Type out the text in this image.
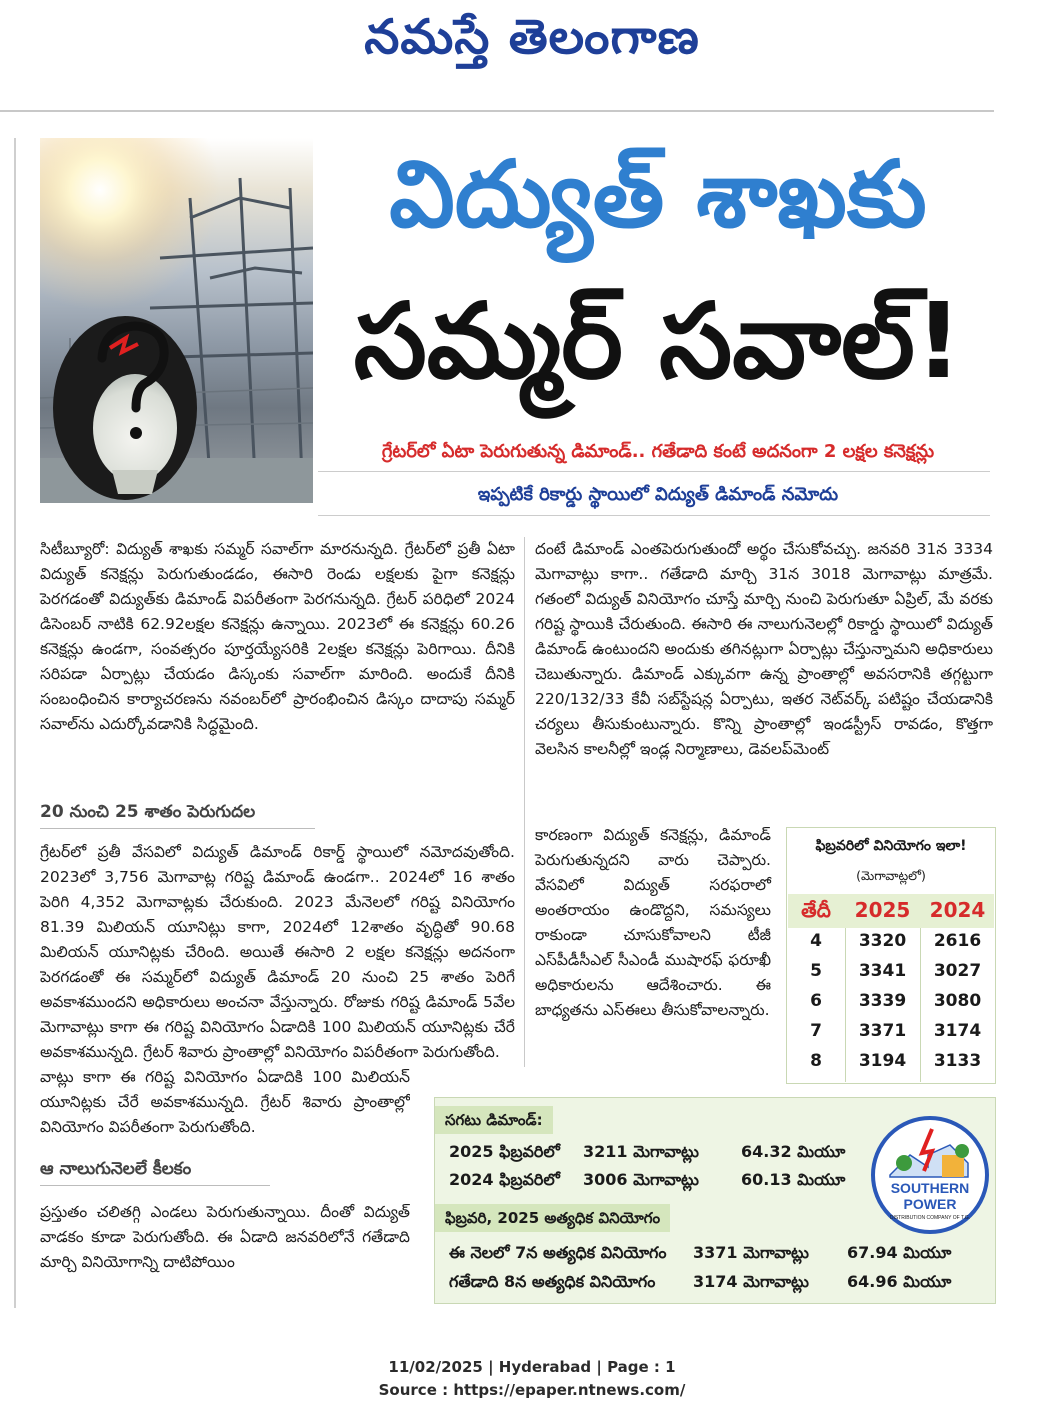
నమస్తే తెలంగాణ
విద్యుత్ శాఖకు
సమ్మర్ సవాల్!
గ్రేటర్‌లో ఏటా పెరుగుతున్న డిమాండ్.. గతేడాది కంటే అదనంగా 2 లక్షల కనెక్షన్లు
ఇప్పటికే రికార్డు స్థాయిలో విద్యుత్ డిమాండ్ నమోదు
సిటీబ్యూరో: విద్యుత్ శాఖకు సమ్మర్ సవాల్‌గా మారనున్నది. గ్రేటర్‌లో ప్రతీ ఏటా విద్యుత్ కనెక్షన్లు పెరుగుతుండడం, ఈసారి రెండు లక్షలకు పైగా కనెక్షన్లు పెరగడంతో విద్యుత్‌కు డిమాండ్ విపరీతంగా పెరగనున్నది. గ్రేటర్ పరిధిలో 2024 డిసెంబర్ నాటికి 62.92లక్షల కనెక్షన్లు ఉన్నాయి. 2023లో ఈ కనెక్షన్లు 60.26 కనెక్షన్లు ఉండగా, సంవత్సరం పూర్తయ్యేసరికి 2లక్షల కనెక్షన్లు పెరిగాయి. దీనికి సరిపడా ఏర్పాట్లు చేయడం డిస్కంకు సవాల్‌గా మారింది. అందుకే దీనికి సంబంధించిన కార్యాచరణను నవంబర్‌లో ప్రారంభించిన డిస్కం దాదాపు సమ్మర్ సవాల్‌ను ఎదుర్కోవడానికి సిద్ధమైంది.
20 నుంచి 25 శాతం పెరుగుదల
గ్రేటర్‌లో ప్రతీ వేసవిలో విద్యుత్ డిమాండ్ రికార్డ్ స్థాయిలో నమోదవుతోంది. 2023లో 3,756 మెగావాట్ల గరిష్ట డిమాండ్ ఉండగా.. 2024లో 16 శాతం పెరిగి 4,352 మెగావాట్లకు చేరుకుంది. 2023 మేనెలలో గరిష్ట వినియోగం 81.39 మిలియన్ యూనిట్లు కాగా, 2024లో 12శాతం వృద్ధితో 90.68 మిలియన్ యూనిట్లకు చేరింది. అయితే ఈసారి 2 లక్షల కనెక్షన్లు అదనంగా పెరగడంతో ఈ సమ్మర్‌లో విద్యుత్ డిమాండ్ 20 నుంచి 25 శాతం పెరిగే అవకాశముందని అధికారులు అంచనా వేస్తున్నారు. రోజుకు గరిష్ట డిమాండ్ 5వేల మెగావాట్లు కాగా ఈ గరిష్ట వినియోగం ఏడాదికి 100 మిలియన్ యూనిట్లకు చేరే అవకాశమున్నది. గ్రేటర్ శివారు ప్రాంతాల్లో వినియోగం విపరీతంగా పెరుగుతోంది.
వాట్లు కాగా ఈ గరిష్ట వినియోగం ఏడాదికి 100 మిలియన్ యూనిట్లకు చేరే అవకాశమున్నది. గ్రేటర్ శివారు ప్రాంతాల్లో వినియోగం విపరీతంగా పెరుగుతోంది.
ఆ నాలుగునెలలే కీలకం
ప్రస్తుతం చలితగ్గి ఎండలు పెరుగుతున్నాయి. దీంతో విద్యుత్ వాడకం కూడా పెరుగుతోంది. ఈ ఏడాది జనవరిలోనే గతేడాది మార్చి వినియోగాన్ని దాటిపోయిం
దంటే డిమాండ్ ఎంతపెరుగుతుందో అర్థం చేసుకోవచ్చు. జనవరి 31న 3334 మెగావాట్లు కాగా.. గతేడాది మార్చి 31న 3018 మెగావాట్లు మాత్రమే. గతంలో విద్యుత్ వినియోగం చూస్తే మార్చి నుంచి పెరుగుతూ ఏప్రిల్, మే వరకు గరిష్ట స్థాయికి చేరుతుంది. ఈసారి ఈ నాలుగునెలల్లో రికార్డు స్థాయిలో విద్యుత్ డిమాండ్ ఉంటుందని అందుకు తగినట్లుగా ఏర్పాట్లు చేస్తున్నామని అధికారులు చెబుతున్నారు. డిమాండ్ ఎక్కువగా ఉన్న ప్రాంతాల్లో అవసరానికి తగ్గట్టుగా 220/132/33 కేవీ సబ్‌స్టేషన్ల ఏర్పాటు, ఇతర నెట్‌వర్క్ పటిష్టం చేయడానికి చర్యలు తీసుకుంటున్నారు. కొన్ని ప్రాంతాల్లో ఇండస్ట్రీస్ రావడం, కొత్తగా వెలసిన కాలనీల్లో ఇండ్ల నిర్మాణాలు, డెవలప్‌మెంట్
కారణంగా విద్యుత్ కనెక్షన్లు, డిమాండ్ పెరుగుతున్నదని వారు చెప్పారు. వేసవిలో విద్యుత్ సరఫరాలో అంతరాయం ఉండొద్దని, సమస్యలు రాకుండా చూసుకోవాలని టీజీ ఎస్‌పీడీసీఎల్ సీఎండీ ముషారఫ్ ఫరూఖీ అధికారులను ఆదేశించారు. ఈ బాధ్యతను ఎస్ఈలు తీసుకోవాలన్నారు.
ఫిబ్రవరిలో వినియోగం ఇలా!
(మెగావాట్లలో)
తేదీ	2025 2024
4	3320	2616
5	3341	3027
6	3339	3080
7	3371	3174
8	3194	3133
సగటు డిమాండ్:
2025 ఫిబ్రవరిలో 3211 మెగావాట్లు	64.32 మియూ
2024 ఫిబ్రవరిలో 3006 మెగావాట్లు	60.13 మియూ
ఫిబ్రవరి, 2025 అత్యధిక వినియోగం
ఈ నెలలో 7న అత్యధిక వినియోగం 3371 మెగావాట్లు 67.94 మియూ
గతేడాది 8న అత్యధిక వినియోగం 3174 మెగావాట్లు 64.96 మియూ
SOUTHERN
POWER
DISTRIBUTION COMPANY OF T.G.
11/02/2025 | Hyderabad | Page : 1
Source : https://epaper.ntnews.com/
